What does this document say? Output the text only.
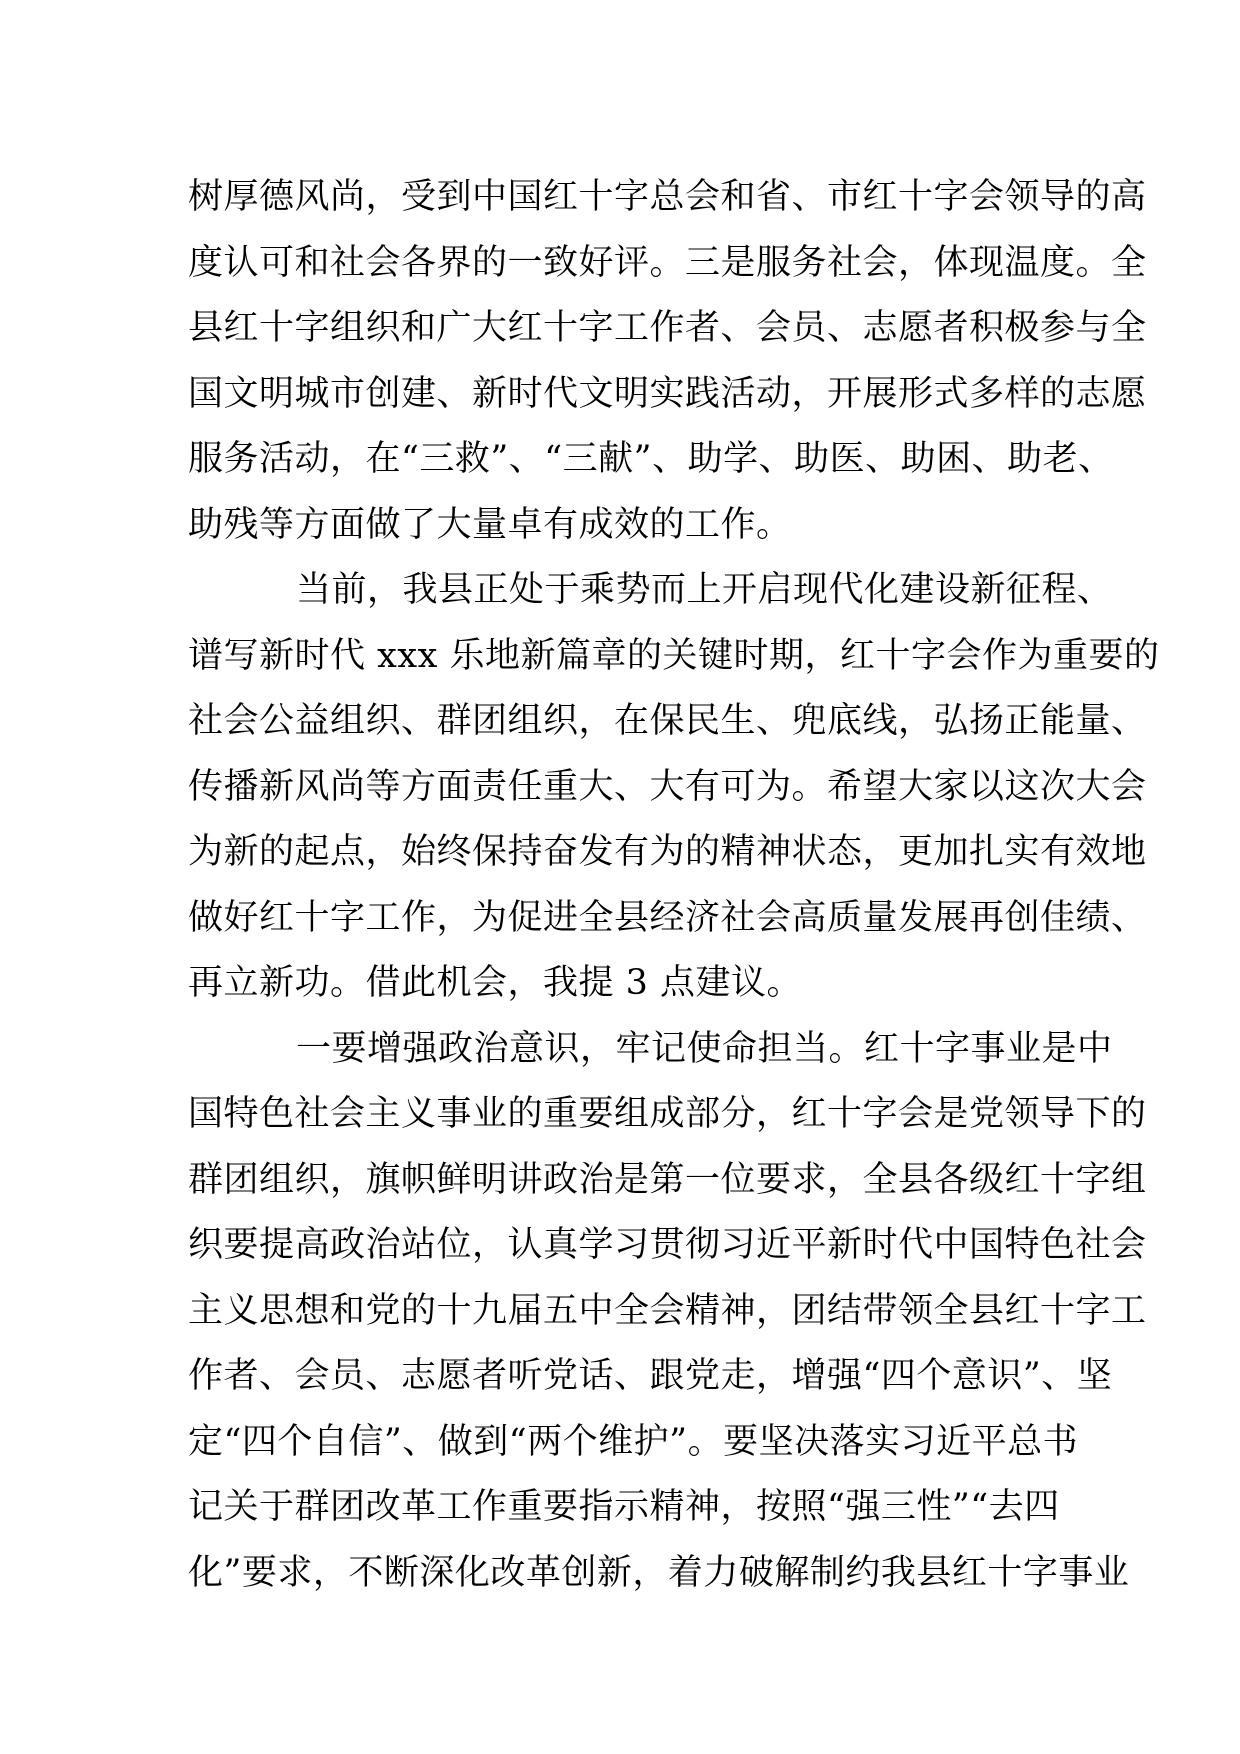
树厚德风尚，受到中国红十字总会和省、市红十字会领导的高
度认可和社会各界的一致好评。三是服务社会，体现温度。全
县红十字组织和广大红十字工作者、会员、志愿者积极参与全
国文明城市创建、新时代文明实践活动，开展形式多样的志愿
服务活动，在“三救”、“三献”、助学、助医、助困、助老、
助残等方面做了大量卓有成效的工作。
当前，我县正处于乘势而上开启现代化建设新征程、
谱写新时代 xxx 乐地新篇章的关键时期，红十字会作为重要的
社会公益组织、群团组织，在保民生、兜底线，弘扬正能量、
传播新风尚等方面责任重大、大有可为。希望大家以这次大会
为新的起点，始终保持奋发有为的精神状态，更加扎实有效地
做好红十字工作，为促进全县经济社会高质量发展再创佳绩、
再立新功。借此机会，我提 3 点建议。
一要增强政治意识，牢记使命担当。红十字事业是中
国特色社会主义事业的重要组成部分，红十字会是党领导下的
群团组织，旗帜鲜明讲政治是第一位要求，全县各级红十字组
织要提高政治站位，认真学习贯彻习近平新时代中国特色社会
主义思想和党的十九届五中全会精神，团结带领全县红十字工
作者、会员、志愿者听党话、跟党走，增强“四个意识”、坚
定“四个自信”、做到“两个维护”。要坚决落实习近平总书
记关于群团改革工作重要指示精神，按照“强三性”“去四
化”要求，不断深化改革创新，着力破解制约我县红十字事业
